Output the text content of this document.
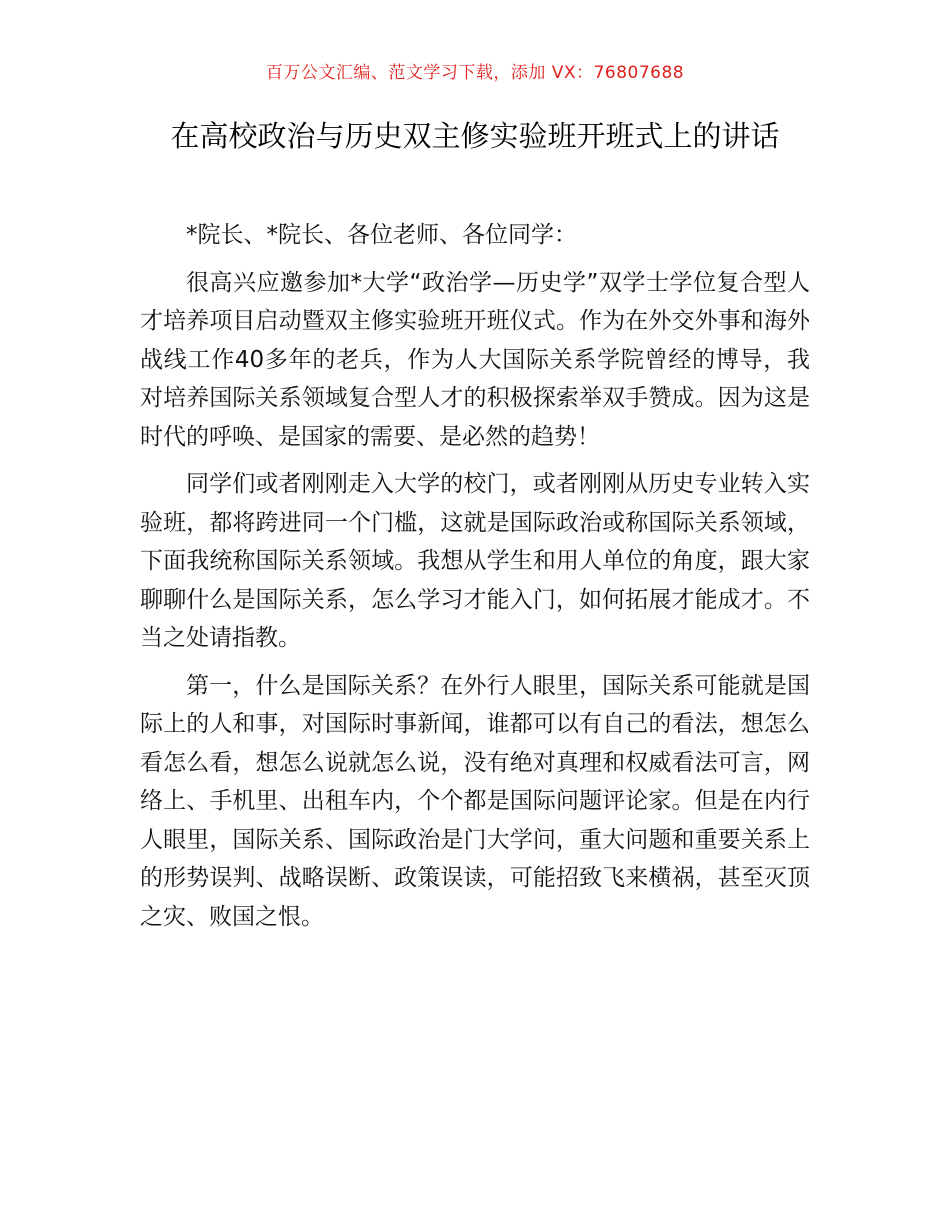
百万公文汇编、范文学习下载，添加 VX：76807688
在高校政治与历史双主修实验班开班式上的讲话

*院长、*院长、各位老师、各位同学：

很高兴应邀参加*大学“政治学—历史学”双学士学位复合型人才培养项目启动暨双主修实验班开班仪式。作为在外交外事和海外战线工作40多年的老兵，作为人大国际关系学院曾经的博导，我对培养国际关系领域复合型人才的积极探索举双手赞成。因为这是时代的呼唤、是国家的需要、是必然的趋势！

同学们或者刚刚走入大学的校门，或者刚刚从历史专业转入实验班，都将跨进同一个门槛，这就是国际政治或称国际关系领域，下面我统称国际关系领域。我想从学生和用人单位的角度，跟大家聊聊什么是国际关系，怎么学习才能入门，如何拓展才能成才。不当之处请指教。

第一，什么是国际关系？在外行人眼里，国际关系可能就是国际上的人和事，对国际时事新闻，谁都可以有自己的看法，想怎么看怎么看，想怎么说就怎么说，没有绝对真理和权威看法可言，网络上、手机里、出租车内，个个都是国际问题评论家。但是在内行人眼里，国际关系、国际政治是门大学问，重大问题和重要关系上的形势误判、战略误断、政策误读，可能招致飞来横祸，甚至灭顶之灾、败国之恨。
